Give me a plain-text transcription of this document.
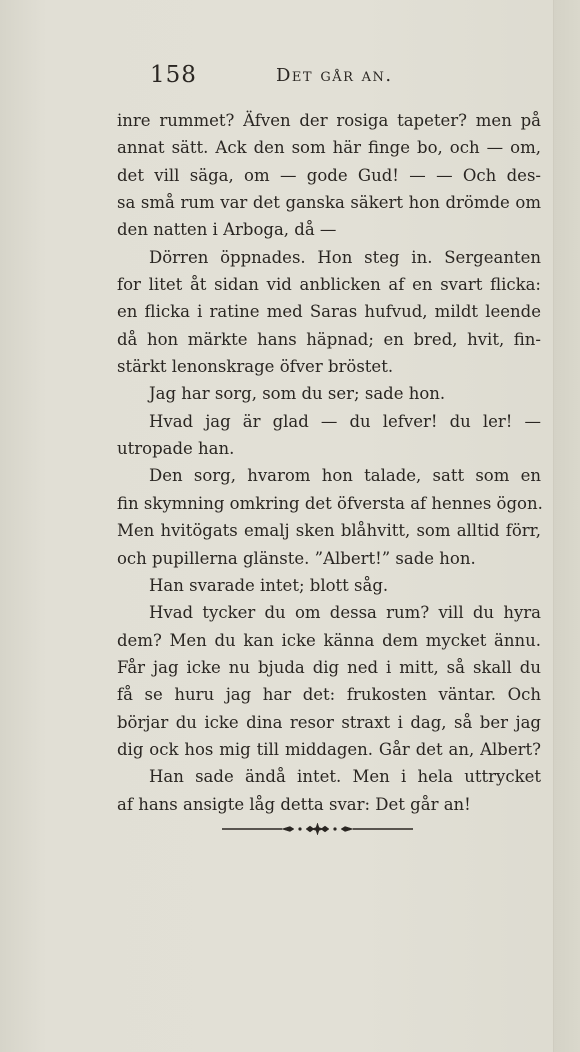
158	Det går an.
inre rummet? Äfven der rosiga tapeter? men på
annat sätt. Ack den som här finge bo, och — om,
det vill säga, om — gode Gud! — — Och des-
sa små rum var det ganska säkert hon drömde om
den natten i Arboga, då —
Dörren öppnades. Hon steg in. Sergeanten
for litet åt sidan vid anblicken af en svart flicka:
en flicka i ratine med Saras hufvud, mildt leende
då hon märkte hans häpnad; en bred, hvit, fin-
stärkt lenonskrage öfver bröstet.
Jag har sorg, som du ser; sade hon.
Hvad jag är glad — du lefver! du ler! —
utropade han.
Den sorg, hvarom hon talade, satt som en
fin skymning omkring det öfversta af hennes ögon.
Men hvitögats emalj sken blåhvitt, som alltid förr,
och pupillerna glänste. ”Albert!” sade hon.
Han svarade intet; blott såg.
Hvad tycker du om dessa rum? vill du hyra
dem? Men du kan icke känna dem mycket ännu.
Får jag icke nu bjuda dig ned i mitt, så skall du
få se huru jag har det: frukosten väntar. Och
börjar du icke dina resor straxt i dag, så ber jag
dig ock hos mig till middagen. Går det an, Albert?
Han sade ändå intet. Men i hela uttrycket
af hans ansigte låg detta svar: Det går an!
